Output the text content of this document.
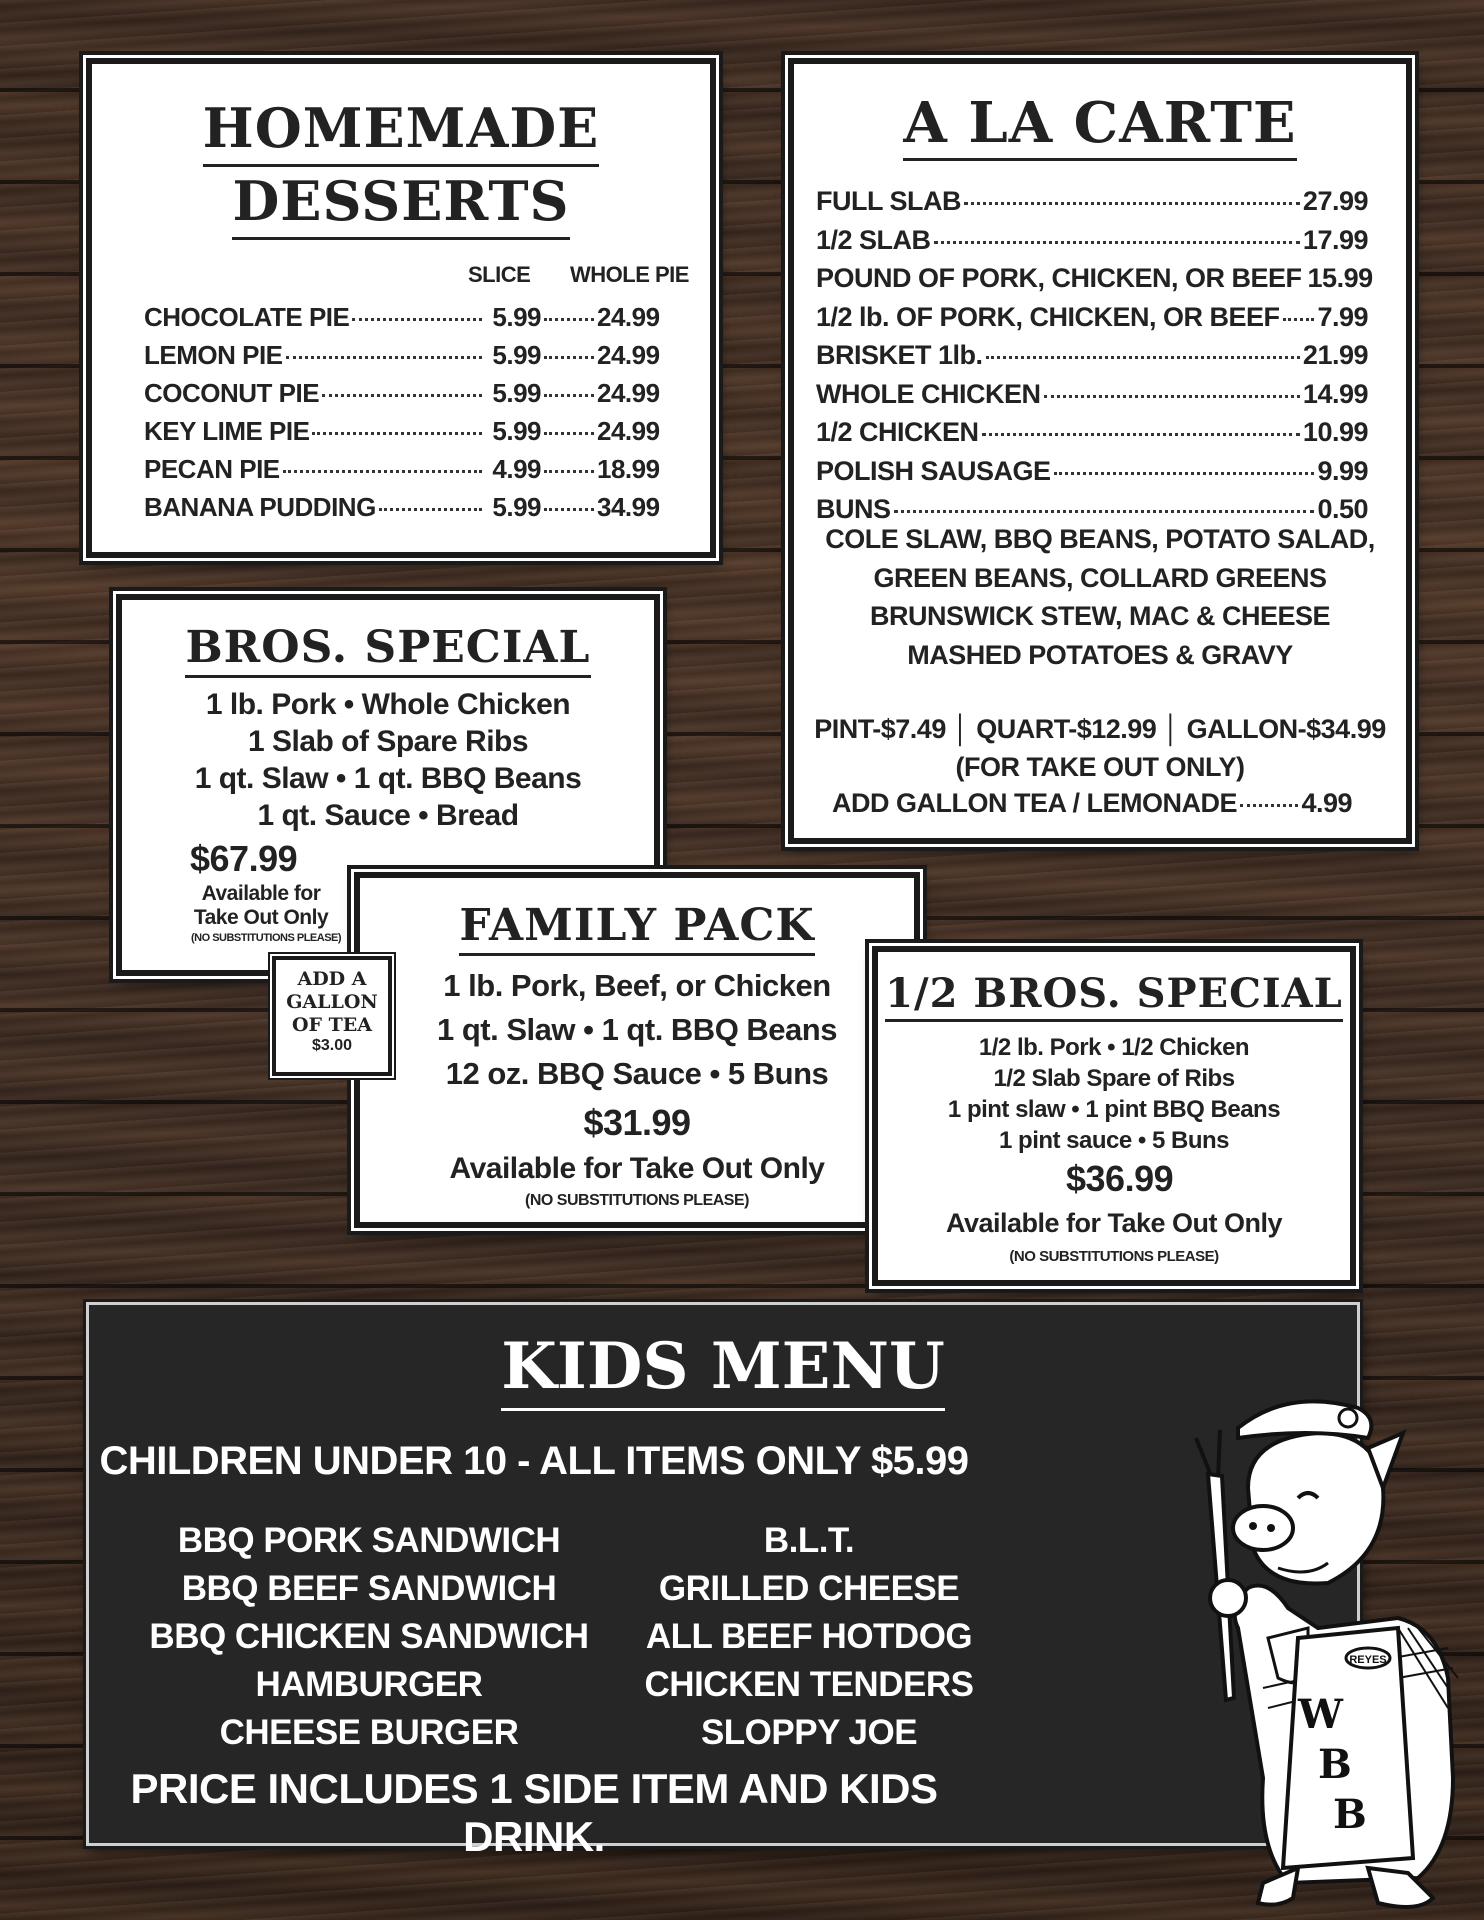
HOMEMADE
DESSERTS
SLICE WHOLE PIE
CHOCOLATE PIE	5.99 24.99
LEMON PIE	5.99 24.99
COCONUT PIE	5.99 24.99
KEY LIME PIE	5.99 24.99
PECAN PIE	4.99 18.99
BANANA PUDDING	5.99 34.99
A LA CARTE
FULL SLAB	27.99
1/2 SLAB	17.99
POUND OF PORK, CHICKEN, OR BEEF 15.99
1/2 lb. OF PORK, CHICKEN, OR BEEF 7.99
BRISKET 1lb.	21.99
WHOLE CHICKEN	14.99
1/2 CHICKEN	10.99
POLISH SAUSAGE	9.99
BUNS	0.50
COLE SLAW, BBQ BEANS, POTATO SALAD,
GREEN BEANS, COLLARD GREENS
BRUNSWICK STEW, MAC & CHEESE
MASHED POTATOES & GRAVY
PINT-$7.49 │ QUART-$12.99 │ GALLON-$34.99
(FOR TAKE OUT ONLY)
ADD GALLON TEA / LEMONADE 4.99
BROS. SPECIAL
1 lb. Pork • Whole Chicken
1 Slab of Spare Ribs
1 qt. Slaw • 1 qt. BBQ Beans
1 qt. Sauce • Bread
$67.99
Available for
Take Out Only
(NO SUBSTITUTIONS PLEASE)	FAMILY PACK
1 lb. Pork, Beef, or Chicken
1 qt. Slaw • 1 qt. BBQ Beans
12 oz. BBQ Sauce • 5 Buns
$31.99
Available for Take Out Only
(NO SUBSTITUTIONS PLEASE)
ADD A
GALLON
OF TEA
$3.00
1/2 BROS. SPECIAL
1/2 lb. Pork • 1/2 Chicken
1/2 Slab Spare of Ribs
1 pint slaw • 1 pint BBQ Beans
1 pint sauce • 5 Buns
$36.99
Available for Take Out Only
(NO SUBSTITUTIONS PLEASE)
KIDS MENU
CHILDREN UNDER 10 - ALL ITEMS ONLY $5.99
BBQ PORK SANDWICH
BBQ BEEF SANDWICH
BBQ CHICKEN SANDWICH
HAMBURGER
CHEESE BURGER
B.L.T.
GRILLED CHEESE
ALL BEEF HOTDOG
CHICKEN TENDERS
SLOPPY JOE
PRICE INCLUDES 1 SIDE ITEM AND KIDS DRINK.
REYES
W
B
B
